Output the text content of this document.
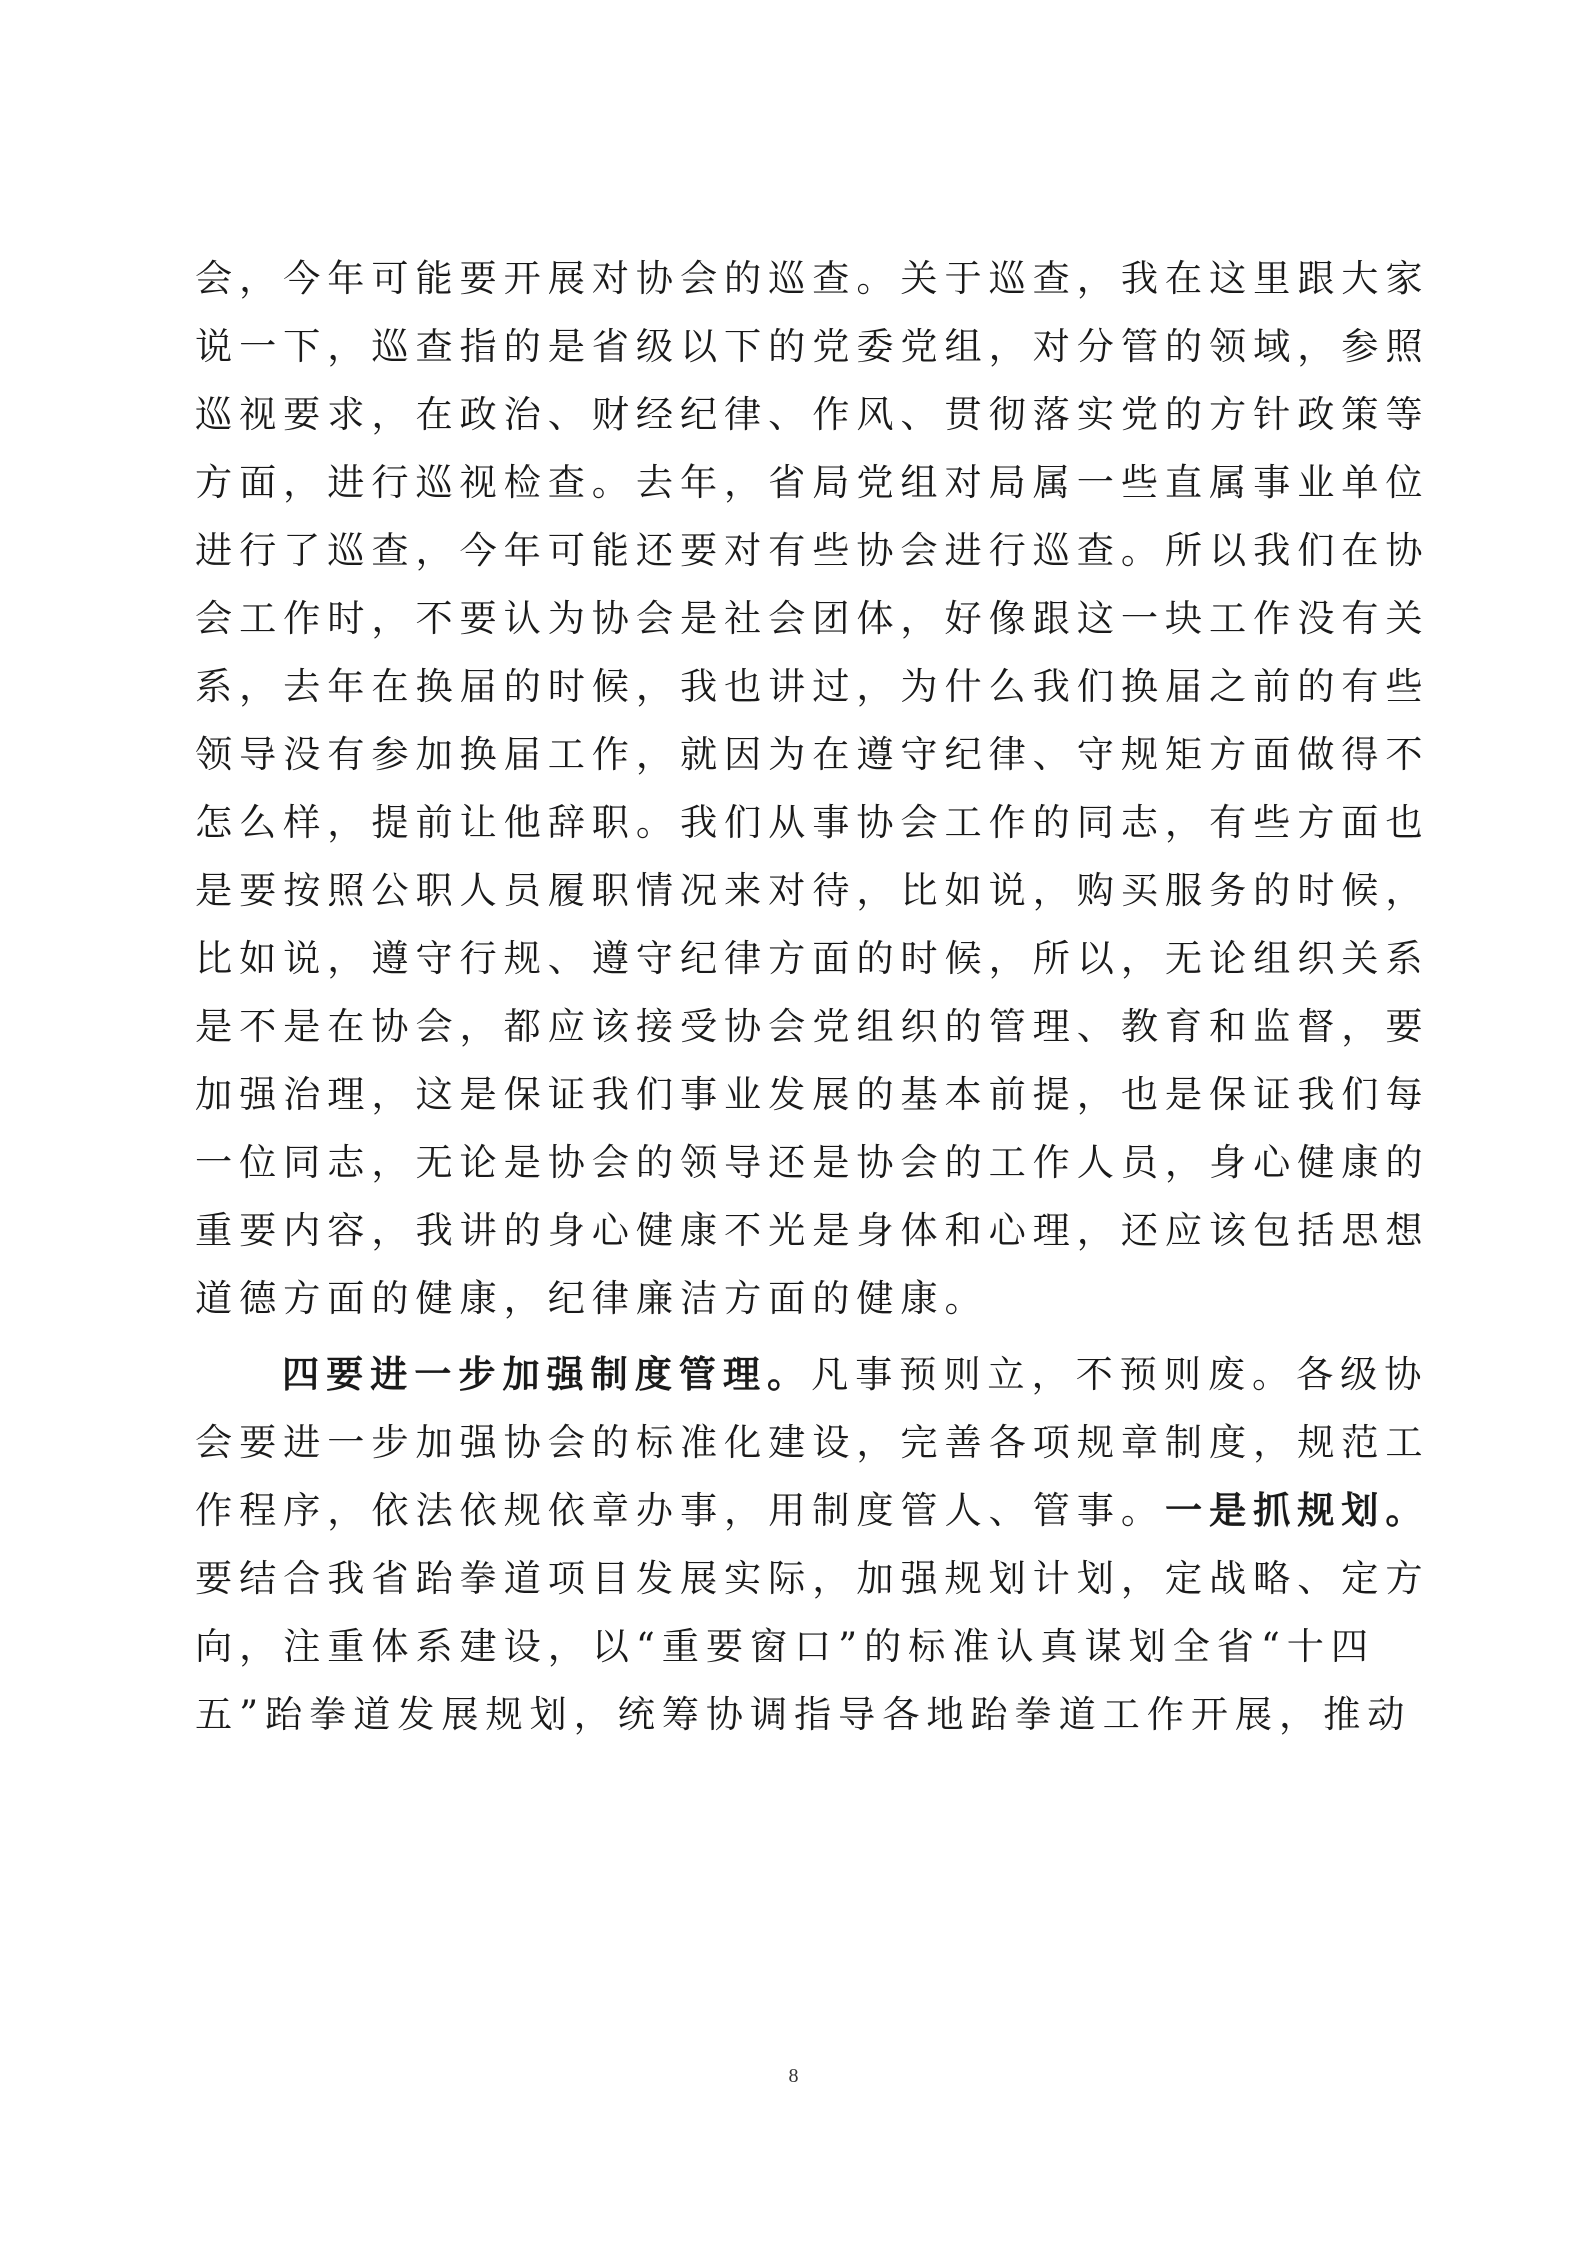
会，今年可能要开展对协会的巡查。关于巡查，我在这里跟大家
说一下，巡查指的是省级以下的党委党组，对分管的领域，参照
巡视要求，在政治、财经纪律、作风、贯彻落实党的方针政策等
方面，进行巡视检查。去年，省局党组对局属一些直属事业单位
进行了巡查，今年可能还要对有些协会进行巡查。所以我们在协
会工作时，不要认为协会是社会团体，好像跟这一块工作没有关
系，去年在换届的时候，我也讲过，为什么我们换届之前的有些
领导没有参加换届工作，就因为在遵守纪律、守规矩方面做得不
怎么样，提前让他辞职。我们从事协会工作的同志，有些方面也
是要按照公职人员履职情况来对待，比如说，购买服务的时候，
比如说，遵守行规、遵守纪律方面的时候，所以，无论组织关系
是不是在协会，都应该接受协会党组织的管理、教育和监督，要
加强治理，这是保证我们事业发展的基本前提，也是保证我们每
一位同志，无论是协会的领导还是协会的工作人员，身心健康的
重要内容，我讲的身心健康不光是身体和心理，还应该包括思想
道德方面的健康，纪律廉洁方面的健康。
四要进一步加强制度管理。凡事预则立，不预则废。各级协
会要进一步加强协会的标准化建设，完善各项规章制度，规范工
作程序，依法依规依章办事，用制度管人、管事。一是抓规划。
要结合我省跆拳道项目发展实际，加强规划计划，定战略、定方
向，注重体系建设，以“重要窗口”的标准认真谋划全省“十四
五”跆拳道发展规划，统筹协调指导各地跆拳道工作开展，推动
8
